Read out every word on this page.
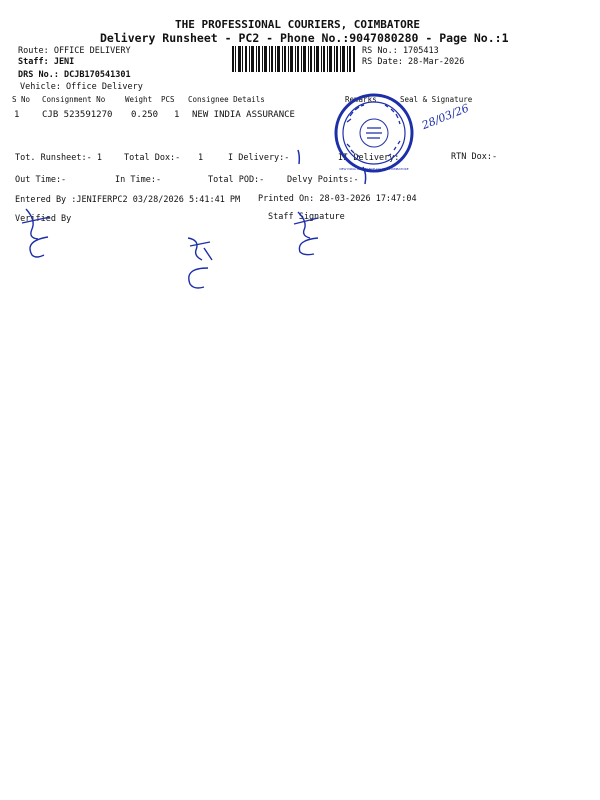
THE PROFESSIONAL COURIERS, COIMBATORE
Delivery Runsheet - PC2 - Phone No.:9047080280 - Page No.:1
Route: OFFICE DELIVERY
Staff: JENI
DRS No.: DCJB170541301
Vehicle: Office Delivery
RS No.: 1705413
RS Date: 28-Mar-2026
S No Consignment No	Weight PCS Consignee Details	Remarks	Seal & Signature
1	CJB 523591270 0.250 1 NEW INDIA ASSURANCE
Tot. Runsheet:- 1	Total Dox:- 1	I Delivery:-	II Delivery:-	RTN Dox:-
Out Time:-	In Time:-	Total POD:-	Delvy Points:-
Entered By :JENIFERPC2 03/28/2026 5:41:41 PM Printed On: 28-03-2026 17:47:04
Verified By	Staff Signature
NEW INDIA ASSURANCE CO. LTD COIMBATORE
28/03/26
